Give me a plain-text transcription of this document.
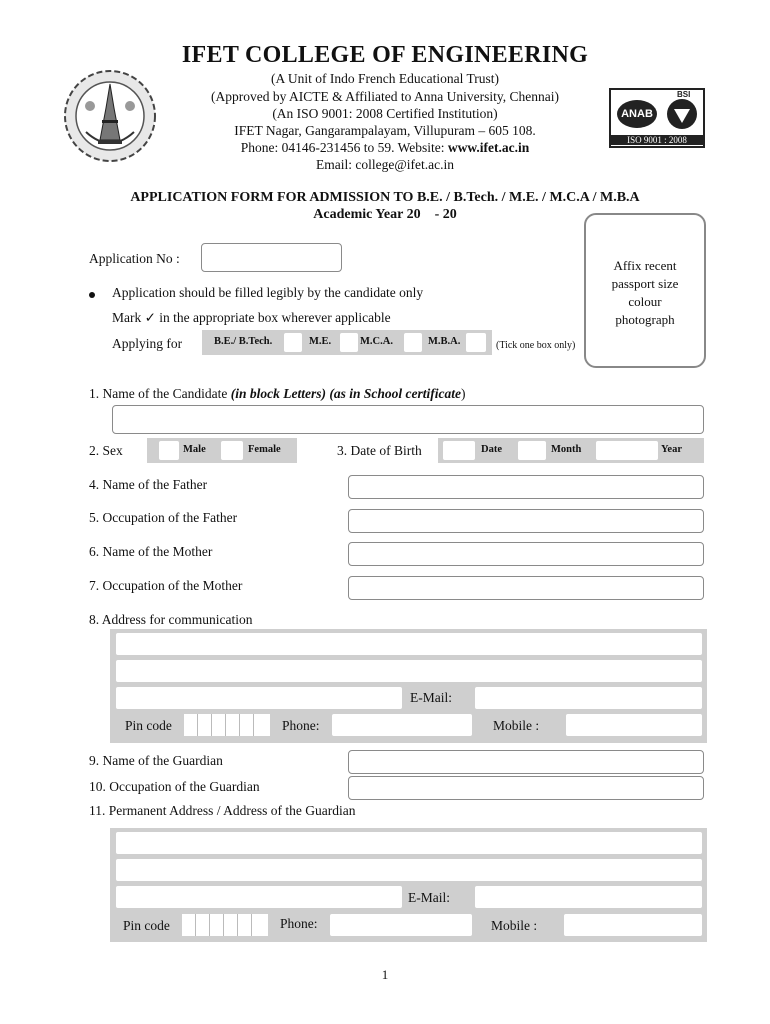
IFET COLLEGE OF ENGINEERING
(A Unit of Indo French Educational Trust)
(Approved by AICTE & Affiliated to Anna University, Chennai)
(An ISO 9001: 2008 Certified Institution)
IFET Nagar, Gangarampalayam, Villupuram – 605 108.
Phone: 04146-231456 to 59. Website: www.ifet.ac.in
Email: college@ifet.ac.in
ANAB
BSI
ISO 9001 : 2008
APPLICATION FORM FOR ADMISSION TO B.E. / B.Tech. / M.E. / M.C.A / M.B.A
Academic Year 20    - 20
Affix recent passport size colour photograph
Application No :
Application should be filled legibly by the candidate only
Mark ✓ in the appropriate box wherever applicable
Applying for	B.E./ B.Tech.	M.E.	M.C.A.	M.B.A.	(Tick one box only)
1. Name of the Candidate (in block Letters) (as in School certificate)
2. Sex	Male	Female	3. Date of Birth	Date	Month	Year
4. Name of the Father
5. Occupation of the Father
6. Name of the Mother
7. Occupation of the Mother
8. Address for communication
E-Mail:
Pin code	Phone:	Mobile :
9. Name of the Guardian
10. Occupation of the Guardian
11. Permanent Address / Address of the Guardian
E-Mail:
Pin code	Phone:	Mobile :
1
